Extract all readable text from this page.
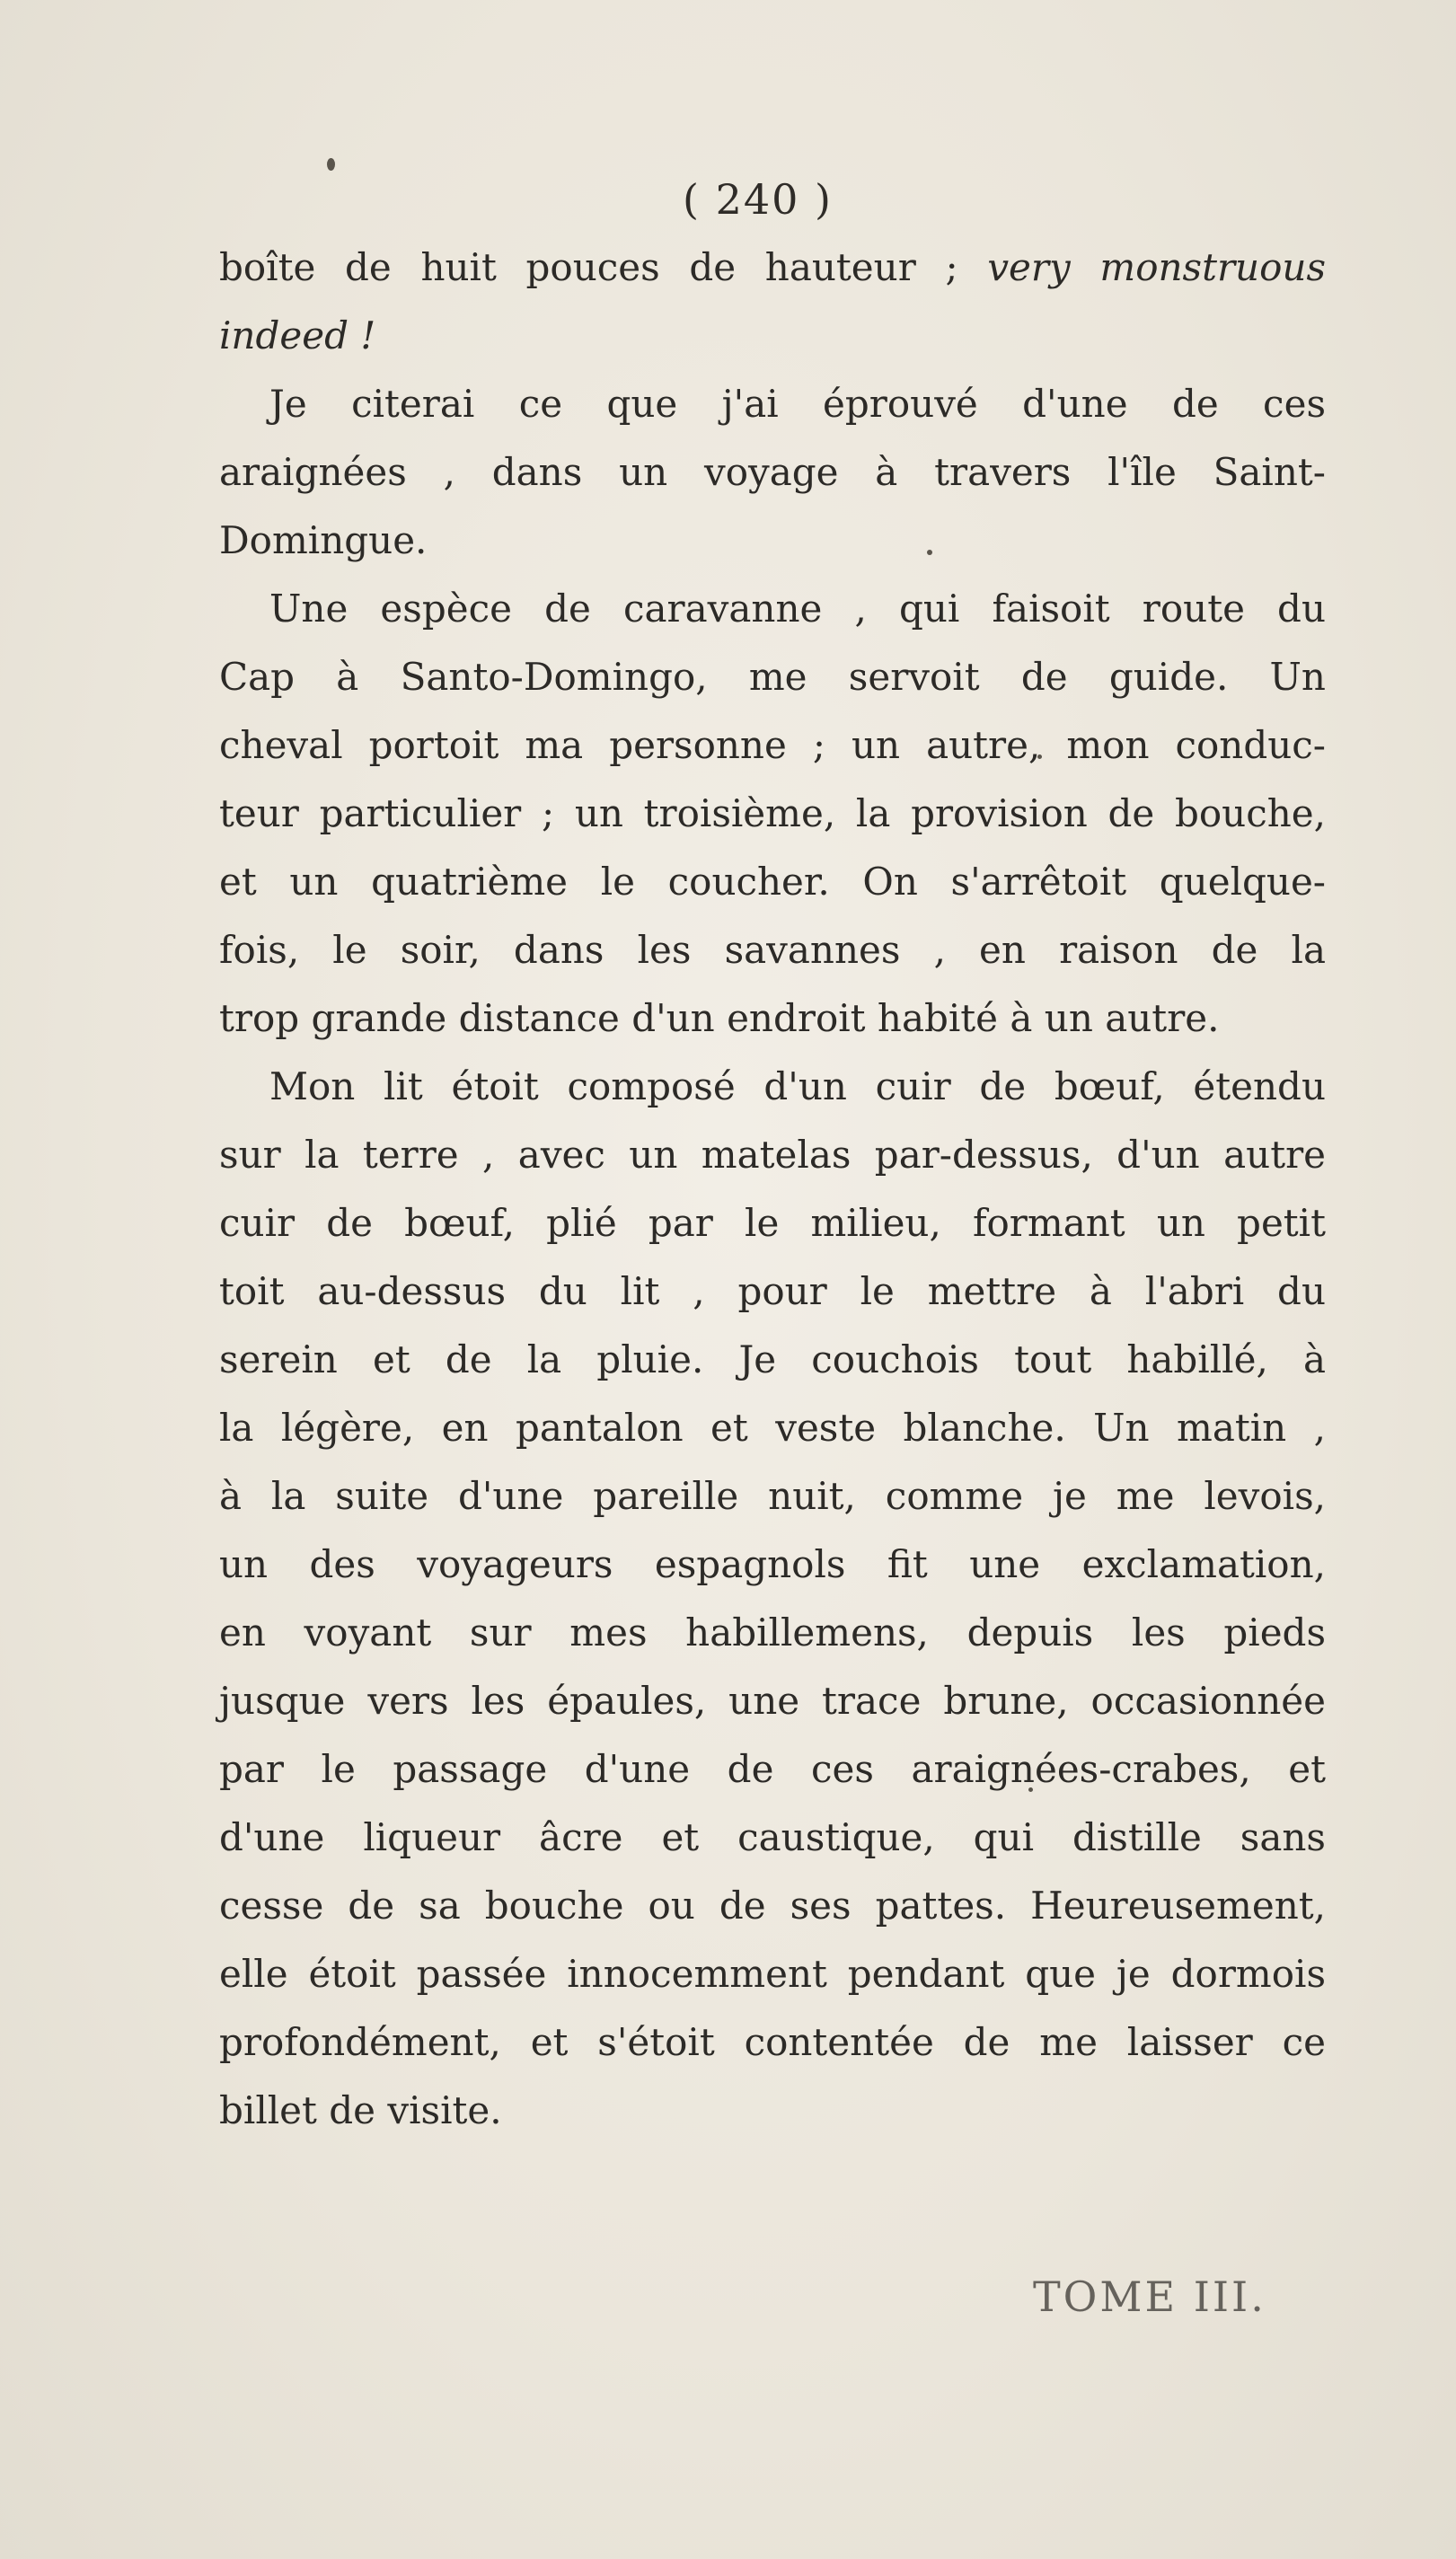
( 240 )
boîte de huit pouces de hauteur ; very monstruous
indeed !
Je citerai ce que j'ai éprouvé d'une de ces
araignées , dans un voyage à travers l'île Saint-
Domingue.
Une espèce de caravanne , qui faisoit route du
Cap à Santo-Domingo, me servoit de guide. Un
cheval portoit ma personne ; un autre, mon conduc-
teur particulier ; un troisième, la provision de bouche,
et un quatrième le coucher. On s'arrêtoit quelque-
fois, le soir, dans les savannes , en raison de la
trop grande distance d'un endroit habité à un autre.
Mon lit étoit composé d'un cuir de bœuf, étendu
sur la terre , avec un matelas par-dessus, d'un autre
cuir de bœuf, plié par le milieu, formant un petit
toit au-dessus du lit , pour le mettre à l'abri du
serein et de la pluie. Je couchois tout habillé, à
la légère, en pantalon et veste blanche. Un matin ,
à la suite d'une pareille nuit, comme je me levois,
un des voyageurs espagnols fit une exclamation,
en voyant sur mes habillemens, depuis les pieds
jusque vers les épaules, une trace brune, occasionnée
par le passage d'une de ces araignées-crabes, et
d'une liqueur âcre et caustique, qui distille sans
cesse de sa bouche ou de ses pattes. Heureusement,
elle étoit passée innocemment pendant que je dormois
profondément, et s'étoit contentée de me laisser ce
billet de visite.
TOME III.
